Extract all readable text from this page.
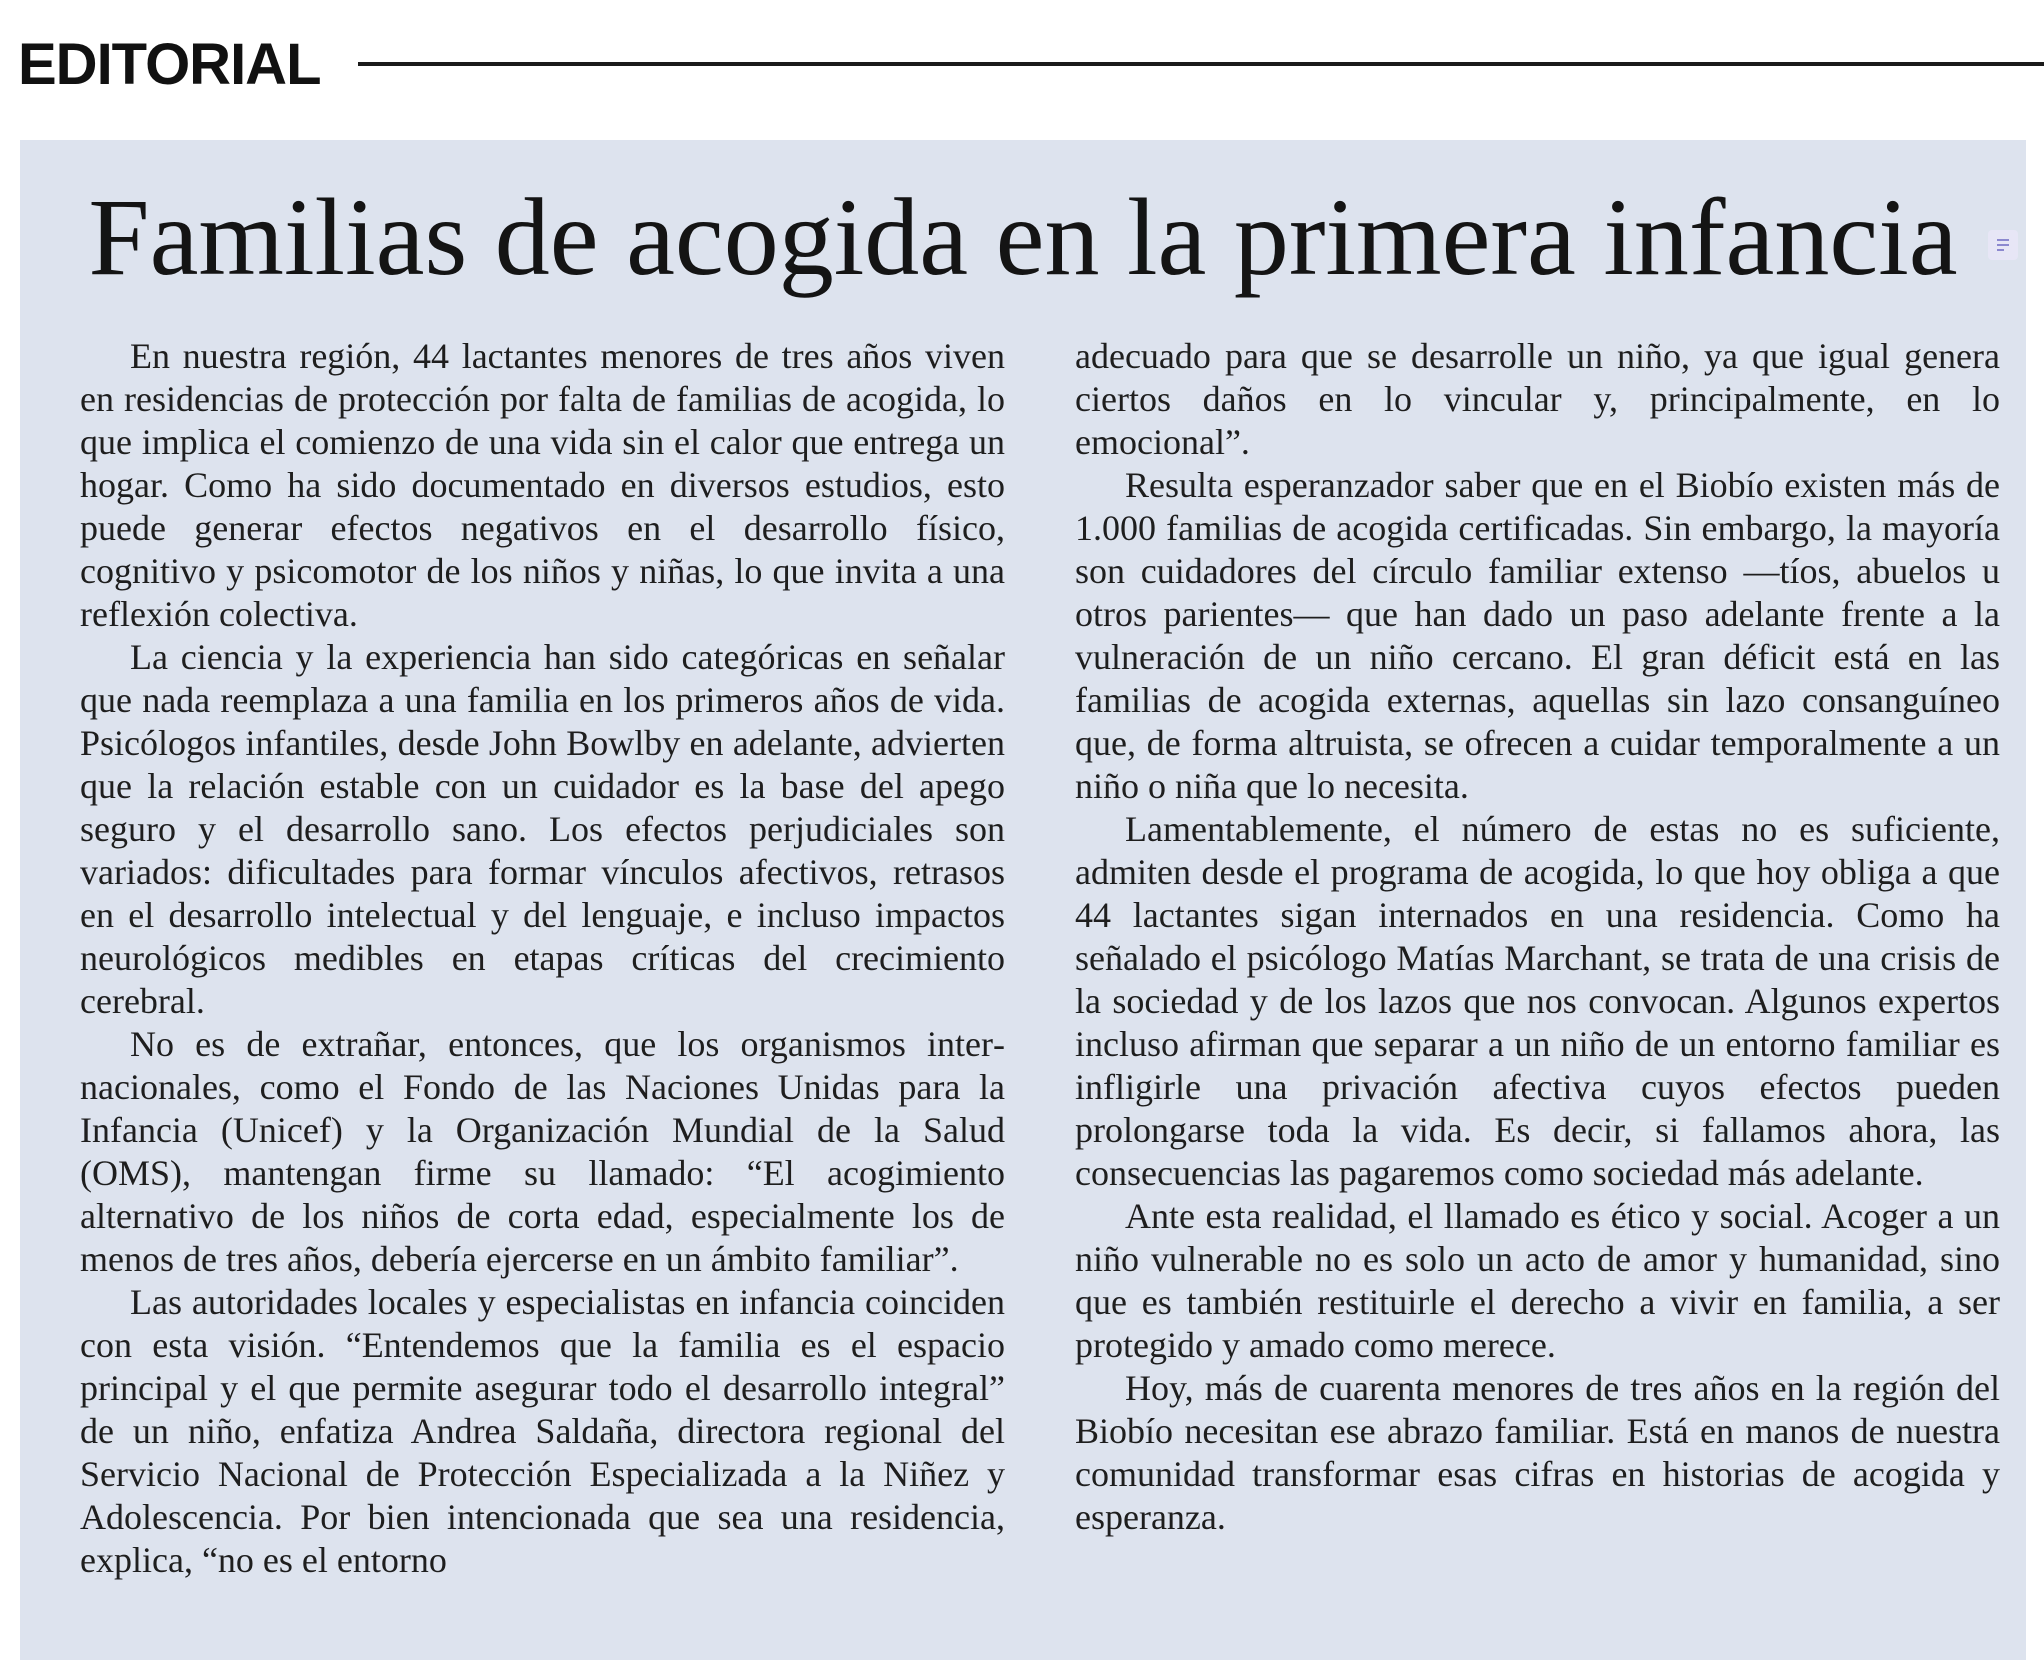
EDITORIAL
Familias de acogida en la primera infancia

En nuestra región, 44 lactantes menores de tres años viven en residencias de protección por falta de familias de acogida, lo que implica el comienzo de una vida sin el calor que entrega un hogar. Como ha sido documentado en diversos estudios, esto puede generar efectos negativos en el desarrollo físico, cognitivo y psicomotor de los niños y niñas, lo que invita a una reflexión colectiva.

La ciencia y la experiencia han sido categóricas en señalar que nada reemplaza a una familia en los primeros años de vida. Psicólogos infantiles, desde John Bowlby en adelante, advierten que la relación estable con un cuidador es la base del apego seguro y el desarrollo sano. Los efectos perjudiciales son variados: dificultades para formar vínculos afectivos, retrasos en el desarrollo intelectual y del lenguaje, e incluso impactos neurológicos medibles en etapas críticas del crecimiento cerebral.

No es de extrañar, entonces, que los organismos internacionales, como el Fondo de las Naciones Unidas para la Infancia (Unicef) y la Organización Mundial de la Salud (OMS), mantengan firme su llamado: “El acogimiento alternativo de los niños de corta edad, especialmente los de menos de tres años, debería ejercerse en un ámbito familiar”.

Las autoridades locales y especialistas en infancia coinciden con esta visión. “Entendemos que la familia es el espacio principal y el que permite asegurar todo el desarrollo integral” de un niño, enfatiza Andrea Saldaña, directora regional del Servicio Nacional de Protección Especializada a la Niñez y Adolescencia. Por bien intencionada que sea una residencia, explica, “no es el entorno

adecuado para que se desarrolle un niño, ya que igual genera ciertos daños en lo vincular y, principalmente, en lo emocional”.

Resulta esperanzador saber que en el Biobío existen más de 1.000 familias de acogida certificadas. Sin embargo, la mayoría son cuidadores del círculo familiar extenso —tíos, abuelos u otros parientes— que han dado un paso adelante frente a la vulneración de un niño cercano. El gran déficit está en las familias de acogida externas, aquellas sin lazo consanguíneo que, de forma altruista, se ofrecen a cuidar temporalmente a un niño o niña que lo necesita.

Lamentablemente, el número de estas no es suficiente, admiten desde el programa de acogida, lo que hoy obliga a que 44 lactantes sigan internados en una residencia. Como ha señalado el psicólogo Matías Marchant, se trata de una crisis de la sociedad y de los lazos que nos convocan. Algunos expertos incluso afirman que separar a un niño de un entorno familiar es infligirle una privación afectiva cuyos efectos pueden prolongarse toda la vida. Es decir, si fallamos ahora, las consecuencias las pagaremos como sociedad más adelante.

Ante esta realidad, el llamado es ético y social. Acoger a un niño vulnerable no es solo un acto de amor y humanidad, sino que es también restituirle el derecho a vivir en familia, a ser protegido y amado como merece.

Hoy, más de cuarenta menores de tres años en la región del Biobío necesitan ese abrazo familiar. Está en manos de nuestra comunidad transformar esas cifras en historias de acogida y esperanza.
